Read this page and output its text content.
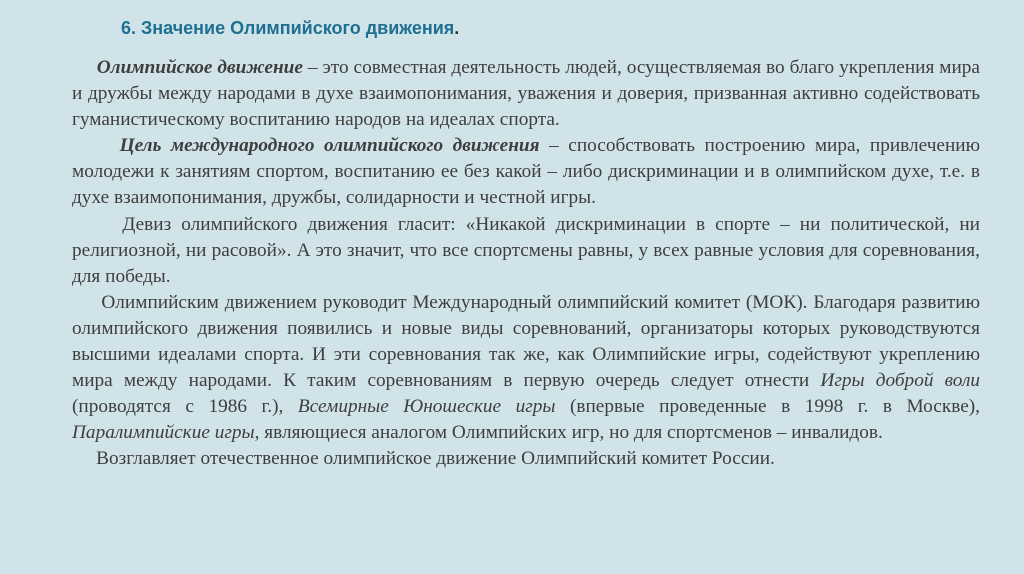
6. Значение Олимпийского движения.

Олимпийское движение – это совместная деятельность людей, осуществляемая во благо укрепления мира и дружбы между народами в духе взаимопонимания, уважения и доверия, призванная активно содействовать гуманистическому воспитанию народов на идеалах спорта.

Цель международного олимпийского движения – способствовать построению мира, привлечению молодежи к занятиям спортом, воспитанию ее без какой – либо дискриминации и в олимпийском духе, т.е. в духе взаимопонимания, дружбы, солидарности и честной игры.

Девиз олимпийского движения гласит: «Никакой дискриминации в спорте – ни политической, ни религиозной, ни расовой». А это значит, что все спортсмены равны, у всех равные условия для соревнования, для победы.

Олимпийским движением руководит Международный олимпийский комитет (МОК). Благодаря развитию олимпийского движения появились и новые виды соревнований, организаторы которых руководствуются высшими идеалами спорта. И эти соревнования так же, как Олимпийские игры, содействуют укреплению мира между народами. К таким соревнованиям в первую очередь следует отнести Игры доброй воли (проводятся с 1986 г.), Всемирные Юношеские игры (впервые проведенные в 1998 г. в Москве), Паралимпийские игры, являющиеся аналогом Олимпийских игр, но для спортсменов – инвалидов.

Возглавляет отечественное олимпийское движение Олимпийский комитет России.
